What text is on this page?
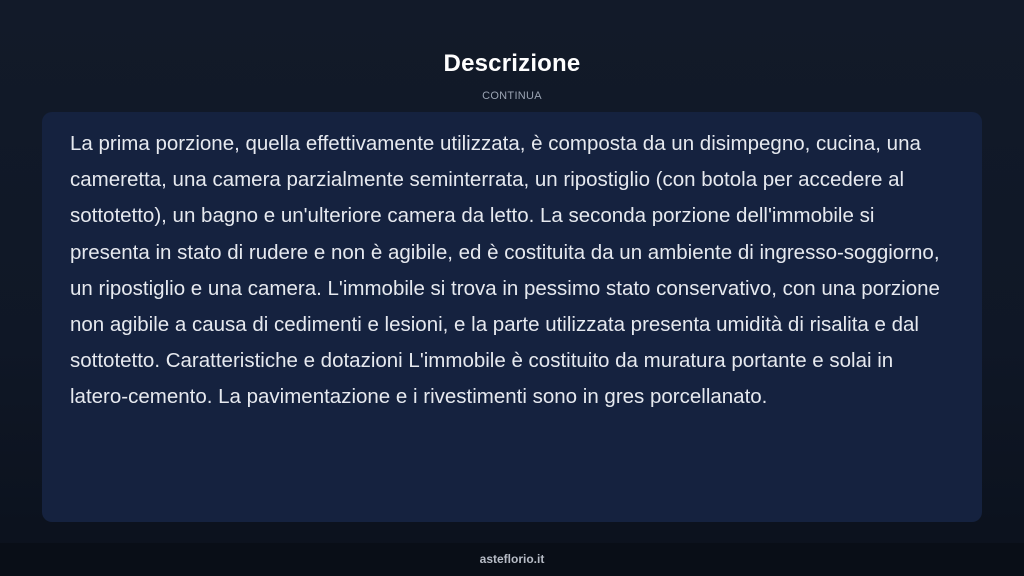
Descrizione
CONTINUA

La prima porzione, quella effettivamente utilizzata, è composta da un disimpegno, cucina, una cameretta, una camera parzialmente seminterrata, un ripostiglio (con botola per accedere al sottotetto), un bagno e un'ulteriore camera da letto. La seconda porzione dell'immobile si presenta in stato di rudere e non è agibile, ed è costituita da un ambiente di ingresso-soggiorno, un ripostiglio e una camera. L'immobile si trova in pessimo stato conservativo, con una porzione non agibile a causa di cedimenti e lesioni, e la parte utilizzata presenta umidità di risalita e dal sottotetto. Caratteristiche e dotazioni L'immobile è costituito da muratura portante e solai in latero-cemento. La pavimentazione e i rivestimenti sono in gres porcellanato.

asteflorio.it
